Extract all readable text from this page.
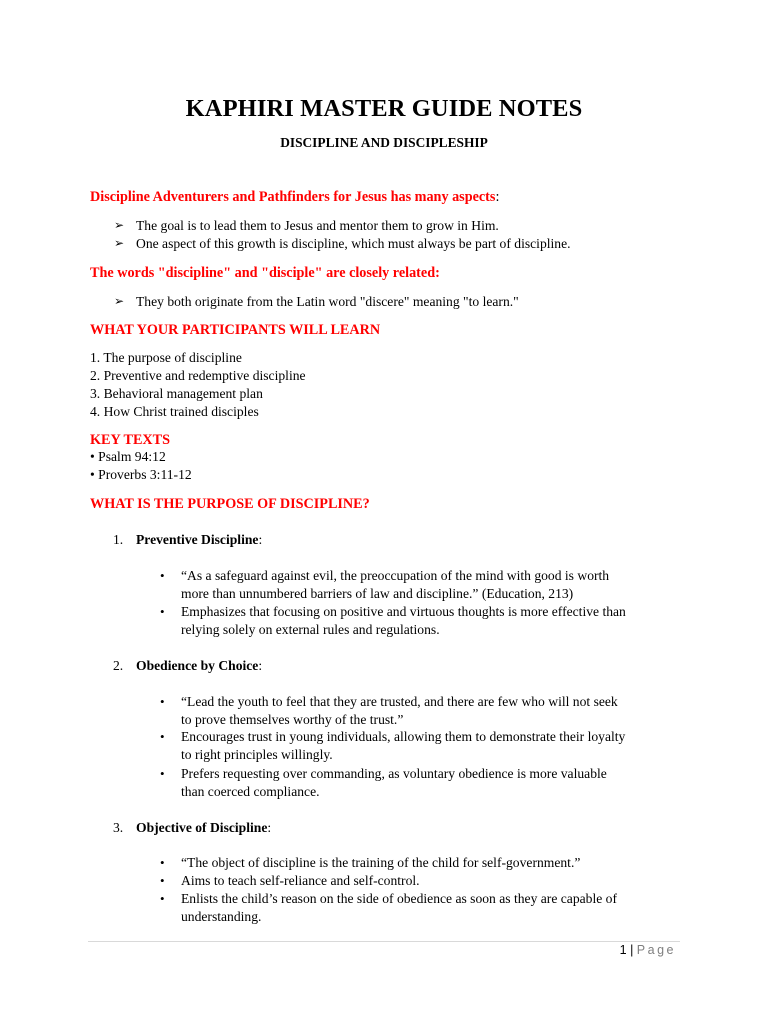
KAPHIRI MASTER GUIDE NOTES
DISCIPLINE AND DISCIPLESHIP
Discipline Adventurers and Pathfinders for Jesus has many aspects:
➢ The goal is to lead them to Jesus and mentor them to grow in Him.
➢ One aspect of this growth is discipline, which must always be part of discipline.
The words "discipline" and "disciple" are closely related:
➢ They both originate from the Latin word "discere" meaning "to learn."
WHAT YOUR PARTICIPANTS WILL LEARN
1. The purpose of discipline
2. Preventive and redemptive discipline
3. Behavioral management plan
4. How Christ trained disciples
KEY TEXTS
• Psalm 94:12
• Proverbs 3:11-12
WHAT IS THE PURPOSE OF DISCIPLINE?
1. Preventive Discipline:
• “As a safeguard against evil, the preoccupation of the mind with good is worth
more than unnumbered barriers of law and discipline.” (Education, 213)
• Emphasizes that focusing on positive and virtuous thoughts is more effective than
relying solely on external rules and regulations.
2. Obedience by Choice:
• “Lead the youth to feel that they are trusted, and there are few who will not seek
to prove themselves worthy of the trust.”
• Encourages trust in young individuals, allowing them to demonstrate their loyalty
to right principles willingly.
• Prefers requesting over commanding, as voluntary obedience is more valuable
than coerced compliance.
3. Objective of Discipline:
• “The object of discipline is the training of the child for self-government.”
• Aims to teach self-reliance and self-control.
• Enlists the child’s reason on the side of obedience as soon as they are capable of
understanding.
1 | Page
